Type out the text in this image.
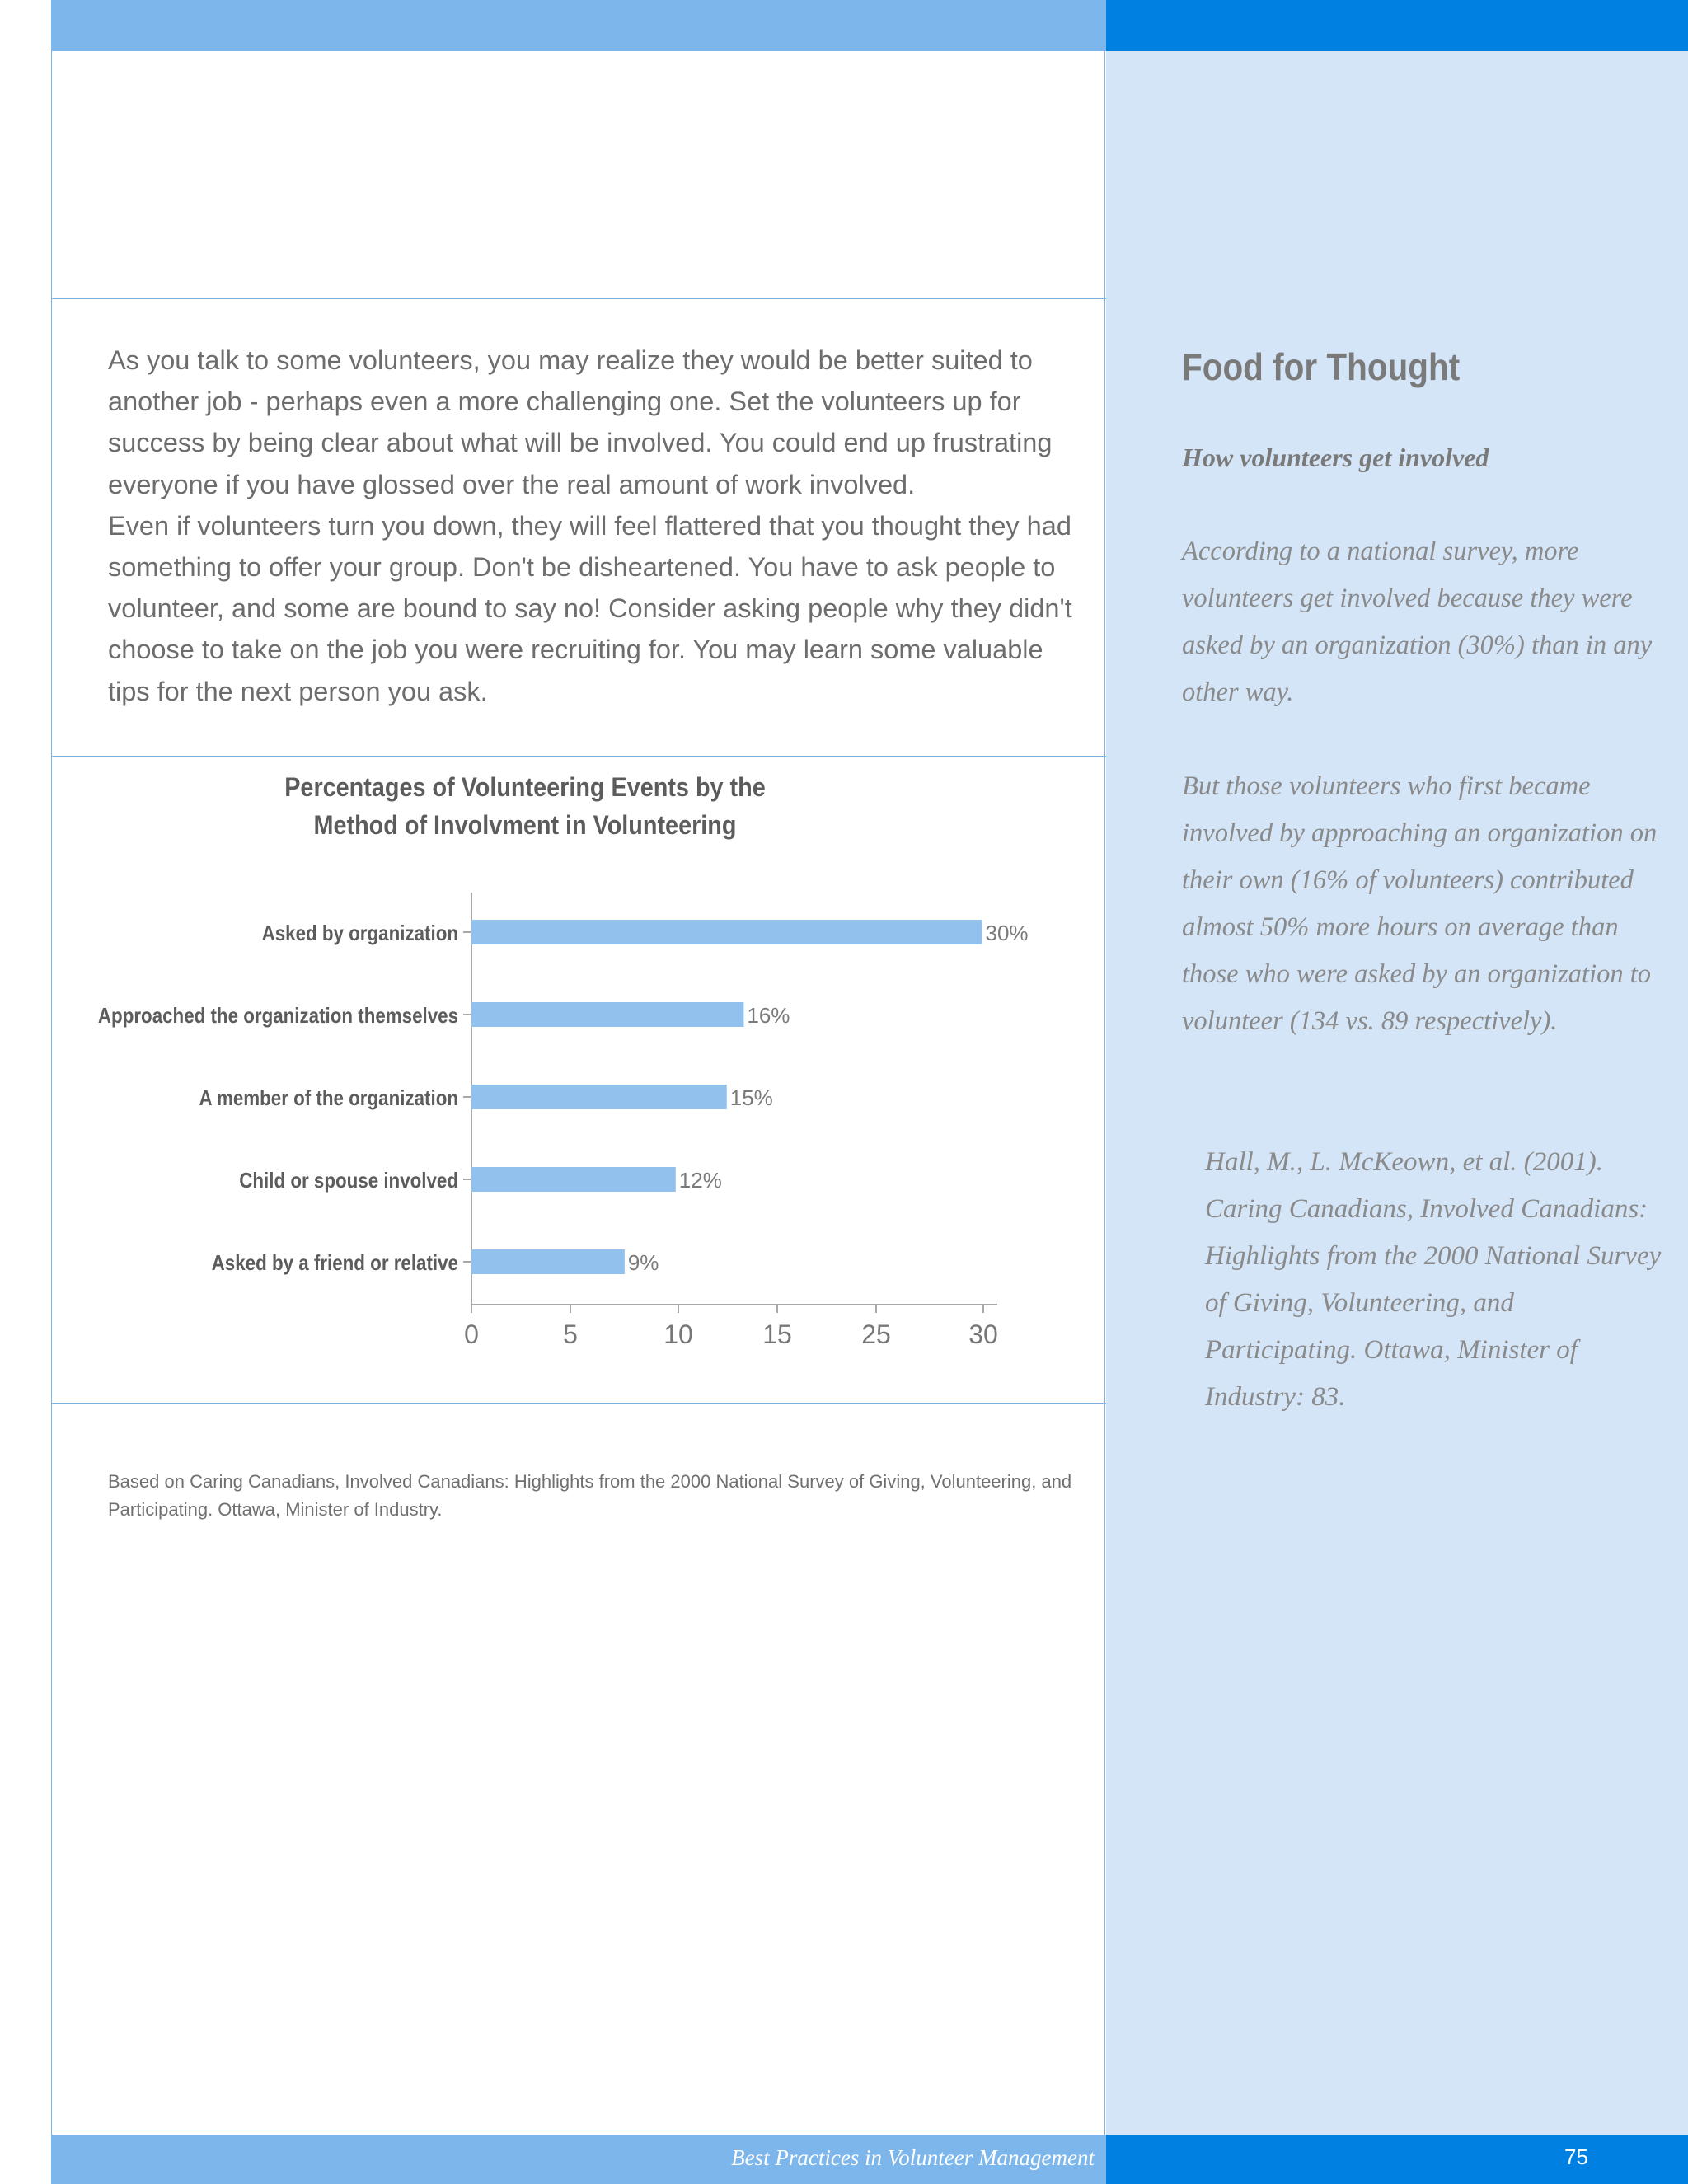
As you talk to some volunteers, you may realize they would be better suited to another job - perhaps even a more challenging one. Set the volunteers up for success by being clear about what will be involved. You could end up frustrating everyone if you have glossed over the real amount of work involved.

Even if volunteers turn you down, they will feel flattered that you thought they had something to offer your group. Don't be disheartened. You have to ask people to volunteer, and some are bound to say no! Consider asking people why they didn't choose to take on the job you were recruiting for. You may learn some valuable tips for the next person you ask.

Percentages of Volunteering Events by the
Method of Involvment in Volunteering
Asked by organization	30%
Approached the organization themselves	16%
A member of the organization	15%
Child or spouse involved	12%
Asked by a friend or relative	9%
0	5	10	15	25	30

Based on Caring Canadians, Involved Canadians: Highlights from the 2000 National Survey of Giving, Volunteering, and Participating. Ottawa, Minister of Industry.

Food for Thought

How volunteers get involved

According to a national survey, more volunteers get involved because they were asked by an organization (30%) than in any other way.

But those volunteers who first became involved by approaching an organization on their own (16% of volunteers) contributed almost 50% more hours on average than those who were asked by an organization to volunteer (134 vs. 89 respectively).

Hall, M., L. McKeown, et al. (2001). Caring Canadians, Involved Canadians: Highlights from the 2000 National Survey of Giving, Volunteering, and Participating. Ottawa, Minister of Industry: 83.

Best Practices in Volunteer Management	75
